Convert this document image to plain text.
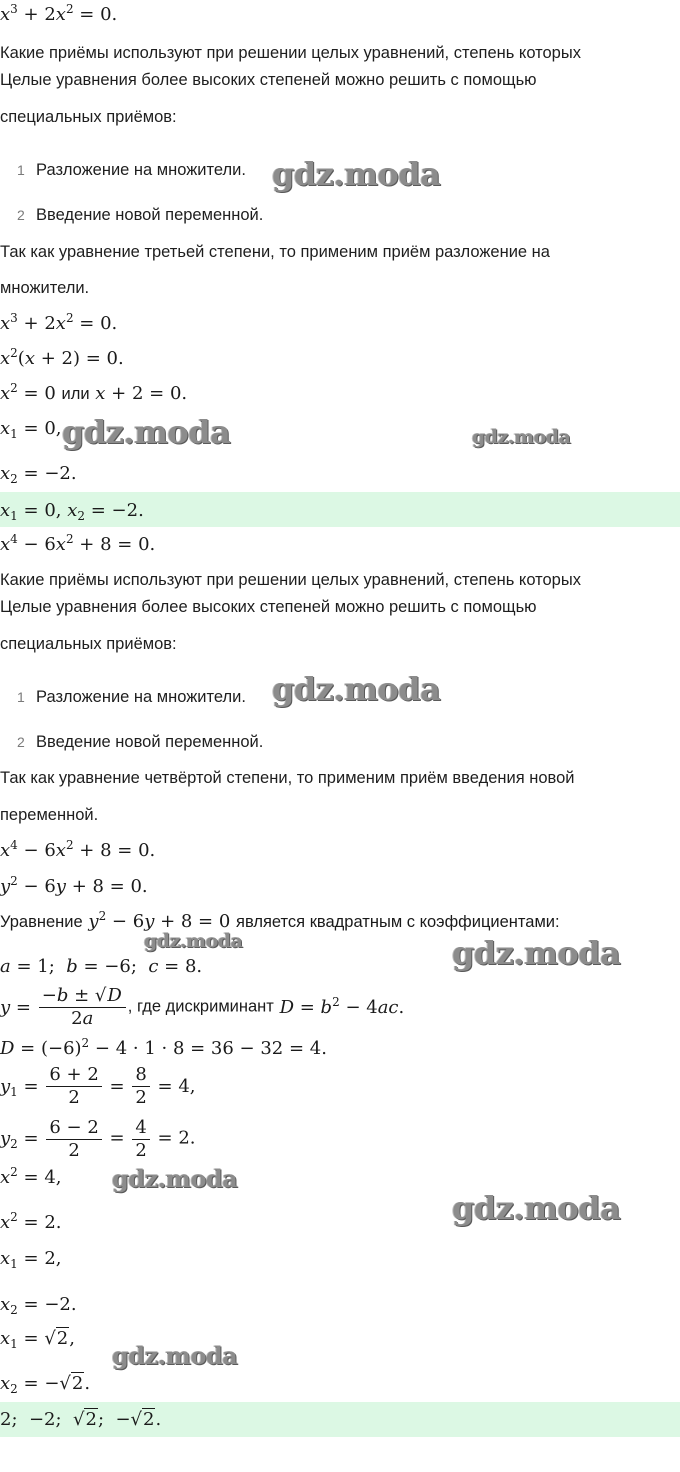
$x^3 + 2x^2 = 0$.
Какие приёмы используют при решении целых уравнений, степень которых
Целые уравнения более высоких степеней можно решить с помощью
специальных приёмов:
1 Разложение на множители.
2 Введение новой переменной.
Так как уравнение третьей степени, то применим приём разложение на
множители.
$x^3 + 2x^2 = 0$.
$x^2(x + 2) = 0$.
$x^2 = 0$ или x + 2 = 0.
$x_1 = 0$,
$x_2 = -2$.
$x_1 = 0$, $x_2 = -2$.
$x^4 - 6x^2 + 8 = 0$.
Какие приёмы используют при решении целых уравнений, степень которых
Целые уравнения более высоких степеней можно решить с помощью
специальных приёмов:
1 Разложение на множители.
2 Введение новой переменной.
Так как уравнение четвёртой степени, то применим приём введения новой
переменной.
$x^4 - 6x^2 + 8 = 0$.
$y^2 - 6y + 8 = 0$.
Уравнение $y^2 - 6y + 8 = 0$ является квадратным с коэффициентами:
a = 1;  b = −6;  c = 8.
$y = \frac{-b \pm √D}{2a}$ , где дискриминант $D = b^2 - 4ac$.
$D = (-6)^2 - 4 \cdot 1 \cdot 8 = 36 - 32 = 4$.
$y_1 = \frac{6 + 2}{2} = \frac{8}{2} = 4$,
$y_2 = \frac{6 - 2}{2} = \frac{4}{2} = 2$.
$x^2 = 4$,
$x^2 = 2$.
$x_1 = 2$,
$x_2 = -2$.
$x_1 = √2$,
$x_2 = -√2$.
2;  −2;  √2;  −√2.
gdz.moda
gdz.moda	gdz.moda
gdz.moda
gdz.moda	gdz.moda
gdz.moda
gdz.moda
gdz.moda
